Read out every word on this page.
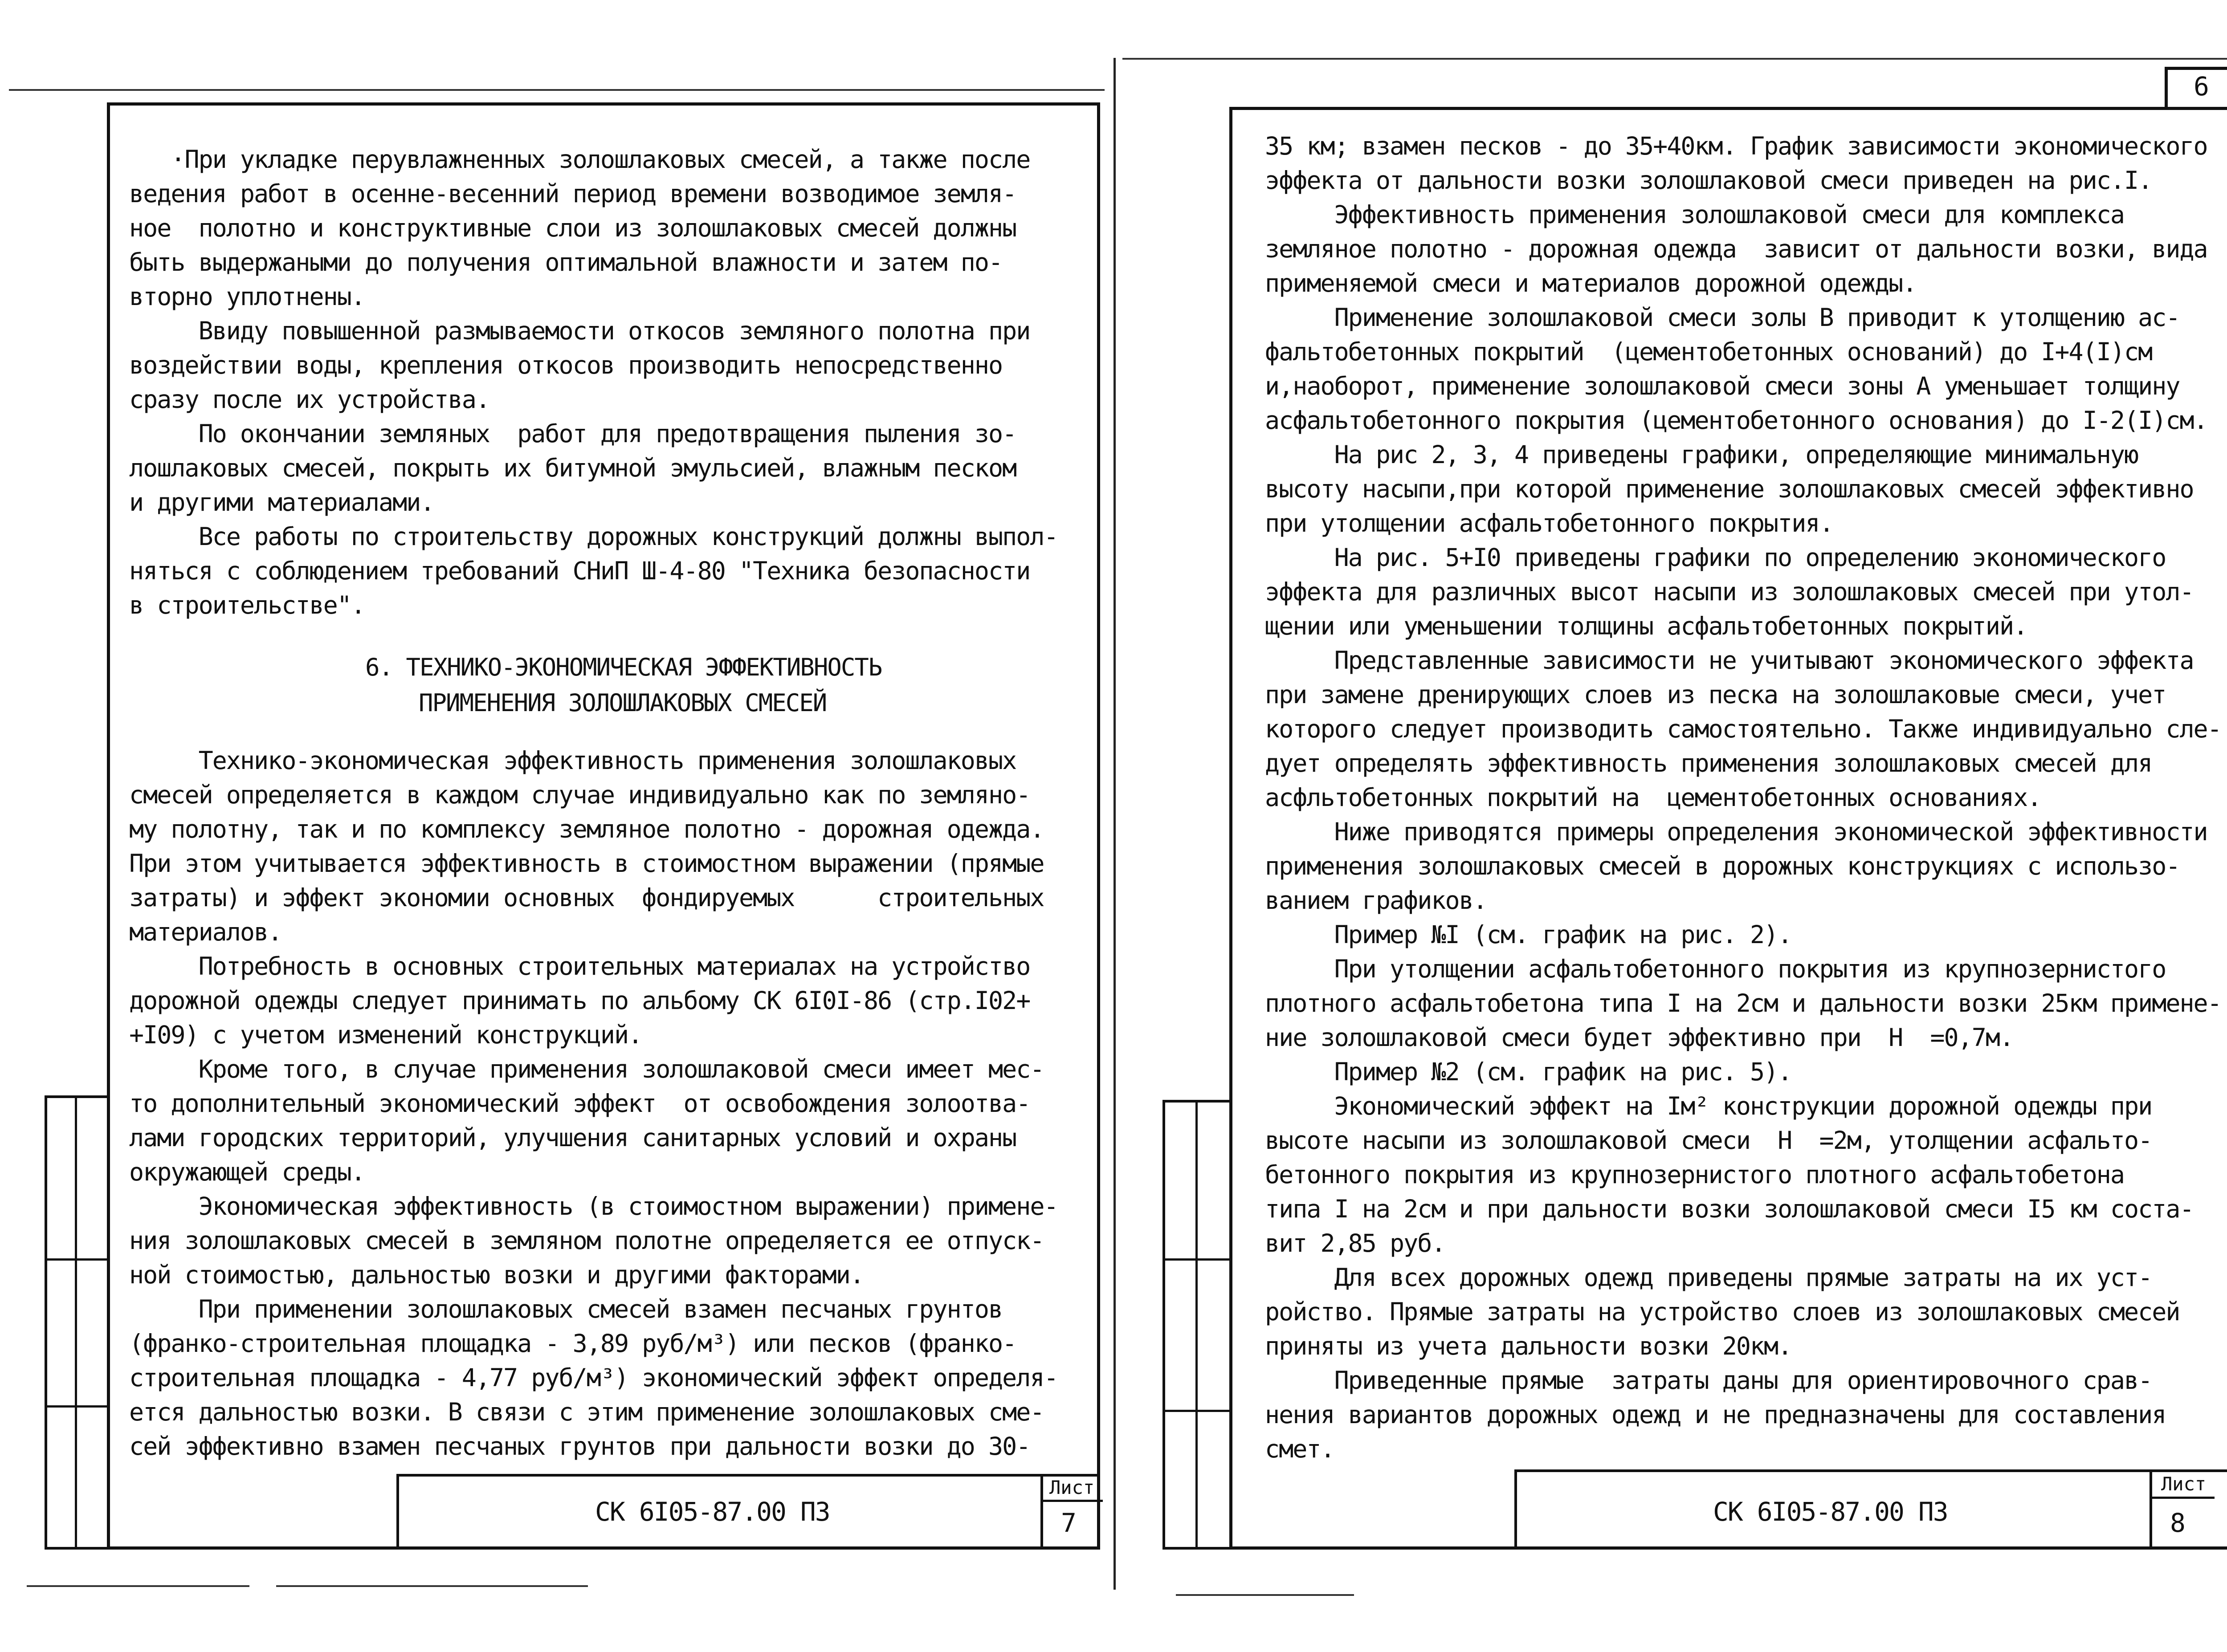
·При укладке перувлажненных золошлаковых смесей, а также после
ведения работ в осенне-весенний период времени возводимое земля-
ное  полотно и конструктивные слои из золошлаковых смесей должны
быть выдержаными до получения оптимальной влажности и затем по-
вторно уплотнены.
Ввиду повышенной размываемости откосов земляного полотна при
воздействии воды, крепления откосов производить непосредственно
сразу после их устройства.
По окончании земляных  работ для предотвращения пыления зо-
лошлаковых смесей, покрыть их битумной эмульсией, влажным песком
и другими материалами.
Все работы по строительству дорожных конструкций должны выпол-
няться с соблюдением требований СНиП Ш-4-80 "Техника безопасности
в строительстве".
6. ТЕХНИКО-ЭКОНОМИЧЕСКАЯ ЭФФЕКТИВНОСТЬ
ПРИМЕНЕНИЯ ЗОЛОШЛАКОВЫХ СМЕСЕЙ
Технико-экономическая эффективность применения золошлаковых
смесей определяется в каждом случае индивидуально как по земляно-
му полотну, так и по комплексу земляное полотно - дорожная одежда.
При этом учитывается эффективность в стоимостном выражении (прямые
затраты) и эффект экономии основных  фондируемых      строительных
материалов.
Потребность в основных строительных материалах на устройство
дорожной одежды следует принимать по альбому СК 6I0I-86 (стр.I02+
+I09) с учетом изменений конструкций.
Кроме того, в случае применения золошлаковой смеси имеет мес-
то дополнительный экономический эффект  от освобождения золоотва-
лами городских территорий, улучшения санитарных условий и охраны
окружающей среды.
Экономическая эффективность (в стоимостном выражении) примене-
ния золошлаковых смесей в земляном полотне определяется ее отпуск-
ной стоимостью, дальностью возки и другими факторами.
При применении золошлаковых смесей взамен песчаных грунтов
(франко-строительная площадка - 3,89 руб/м³) или песков (франко-
строительная площадка - 4,77 руб/м³) экономический эффект определя-
ется дальностью возки. В связи с этим применение золошлаковых сме-
сей эффективно взамен песчаных грунтов при дальности возки до 30-
СК 6I05-87.00 ПЗ
Лист
7
6
35 км; взамен песков - до 35+40км. График зависимости экономического
эффекта от дальности возки золошлаковой смеси приведен на рис.I.
Эффективность применения золошлаковой смеси для комплекса
земляное полотно - дорожная одежда  зависит от дальности возки, вида
применяемой смеси и материалов дорожной одежды.
Применение золошлаковой смеси золы В приводит к утолщению ас-
фальтобетонных покрытий  (цементобетонных оснований) до I+4(I)см
и,наоборот, применение золошлаковой смеси зоны А уменьшает толщину
асфальтобетонного покрытия (цементобетонного основания) до I-2(I)см.
На рис 2, 3, 4 приведены графики, определяющие минимальную
высоту насыпи,при которой применение золошлаковых смесей эффективно
при утолщении асфальтобетонного покрытия.
На рис. 5+I0 приведены графики по определению экономического
эффекта для различных высот насыпи из золошлаковых смесей при утол-
щении или уменьшении толщины асфальтобетонных покрытий.
Представленные зависимости не учитывают экономического эффекта
при замене дренирующих слоев из песка на золошлаковые смеси, учет
которого следует производить самостоятельно. Также индивидуально сле-
дует определять эффективность применения золошлаковых смесей для
асфльтобетонных покрытий на  цементобетонных основаниях.
Ниже приводятся примеры определения экономической эффективности
применения золошлаковых смесей в дорожных конструкциях с использо-
ванием графиков.
Пример №I (см. график на рис. 2).
При утолщении асфальтобетонного покрытия из крупнозернистого
плотного асфальтобетона типа I на 2см и дальности возки 25км примене-
ние золошлаковой смеси будет эффективно при  H  =0,7м.
Пример №2 (см. график на рис. 5).
Экономический эффект на Iм² конструкции дорожной одежды при
высоте насыпи из золошлаковой смеси  H  =2м, утолщении асфальто-
бетонного покрытия из крупнозернистого плотного асфальтобетона
типа I на 2см и при дальности возки золошлаковой смеси I5 км соста-
вит 2,85 руб.
Для всех дорожных одежд приведены прямые затраты на их уст-
ройство. Прямые затраты на устройство слоев из золошлаковых смесей
приняты из учета дальности возки 20км.
Приведенные прямые  затраты даны для ориентировочного срав-
нения вариантов дорожных одежд и не предназначены для составления
смет.
СК 6I05-87.00 ПЗ
Лист
8
